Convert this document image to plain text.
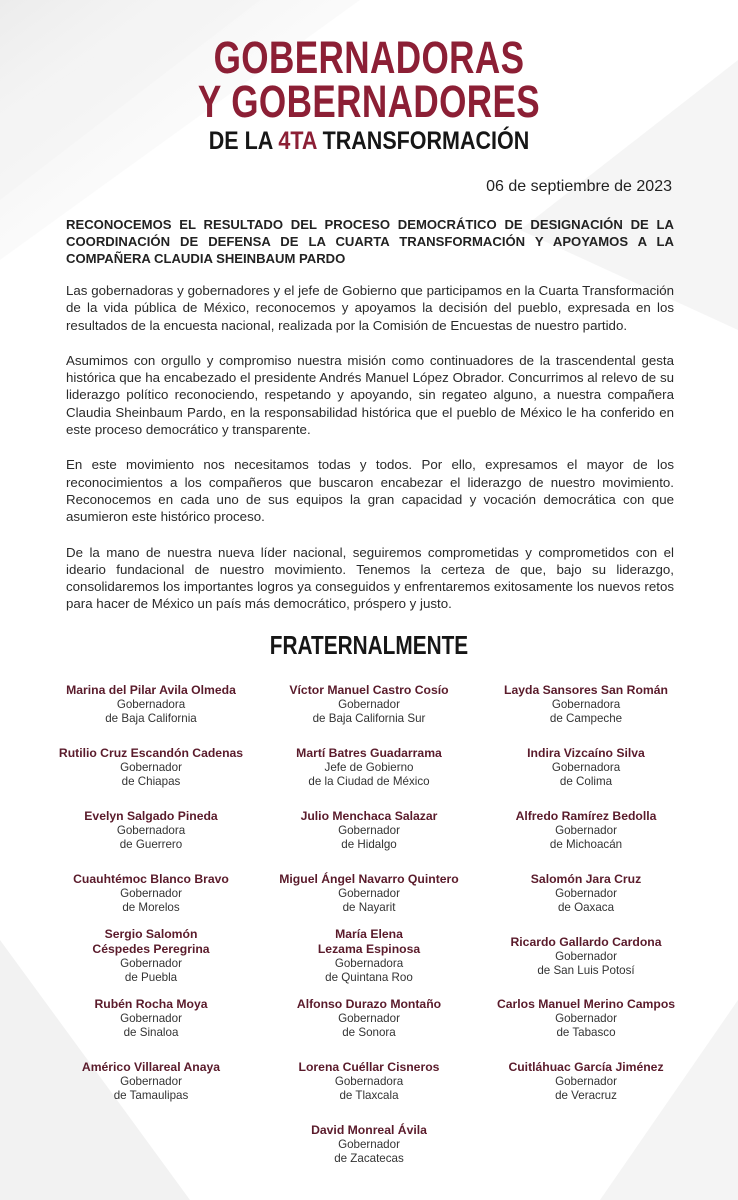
GOBERNADORAS
Y GOBERNADORES
DE LA 4TA TRANSFORMACIÓN
06 de septiembre de 2023
RECONOCEMOS EL RESULTADO DEL PROCESO DEMOCRÁTICO DE DESIGNACIÓN DE LA COORDINACIÓN DE DEFENSA DE LA CUARTA TRANSFORMACIÓN Y APOYAMOS A LA COMPAÑERA CLAUDIA SHEINBAUM PARDO

Las gobernadoras y gobernadores y el jefe de Gobierno que participamos en la Cuarta Transformación de la vida pública de México, reconocemos y apoyamos la decisión del pueblo, expresada en los resultados de la encuesta nacional, realizada por la Comisión de Encuestas de nuestro partido.

Asumimos con orgullo y compromiso nuestra misión como continuadores de la trascendental gesta histórica que ha encabezado el presidente Andrés Manuel López Obrador. Concurrimos al relevo de su liderazgo político reconociendo, respetando y apoyando, sin regateo alguno, a nuestra compañera Claudia Sheinbaum Pardo, en la responsabilidad histórica que el pueblo de México le ha conferido en este proceso democrático y transparente.

En este movimiento nos necesitamos todas y todos. Por ello, expresamos el mayor de los reconocimientos a los compañeros que buscaron encabezar el liderazgo de nuestro movimiento. Reconocemos en cada uno de sus equipos la gran capacidad y vocación democrática con que asumieron este histórico proceso.

De la mano de nuestra nueva líder nacional, seguiremos comprometidas y comprometidos con el ideario fundacional de nuestro movimiento. Tenemos la certeza de que, bajo su liderazgo, consolidaremos los importantes logros ya conseguidos y enfrentaremos exitosamente los nuevos retos para hacer de México un país más democrático, próspero y justo.

FRATERNALMENTE
Marina del Pilar Avila Olmeda
Gobernadora
de Baja California
Rutilio Cruz Escandón Cadenas
Gobernador
de Chiapas
Evelyn Salgado Pineda
Gobernadora
de Guerrero
Cuauhtémoc Blanco Bravo
Gobernador
de Morelos
Sergio Salomón
Céspedes Peregrina
Gobernador
de Puebla
Rubén Rocha Moya
Gobernador
de Sinaloa
Américo Villareal Anaya
Gobernador
de Tamaulipas
Víctor Manuel Castro Cosío
Gobernador
de Baja California Sur
Martí Batres Guadarrama
Jefe de Gobierno
de la Ciudad de México
Julio Menchaca Salazar
Gobernador
de Hidalgo
Miguel Ángel Navarro Quintero
Gobernador
de Nayarit
María Elena
Lezama Espinosa
Gobernadora
de Quintana Roo
Alfonso Durazo Montaño
Gobernador
de Sonora
Lorena Cuéllar Cisneros
Gobernadora
de Tlaxcala
David Monreal Ávila
Gobernador
de Zacatecas
Layda Sansores San Román
Gobernadora
de Campeche
Indira Vizcaíno Silva
Gobernadora
de Colima
Alfredo Ramírez Bedolla
Gobernador
de Michoacán
Salomón Jara Cruz
Gobernador
de Oaxaca
Ricardo Gallardo Cardona
Gobernador
de San Luis Potosí
Carlos Manuel Merino Campos
Gobernador
de Tabasco
Cuitláhuac García Jiménez
Gobernador
de Veracruz
